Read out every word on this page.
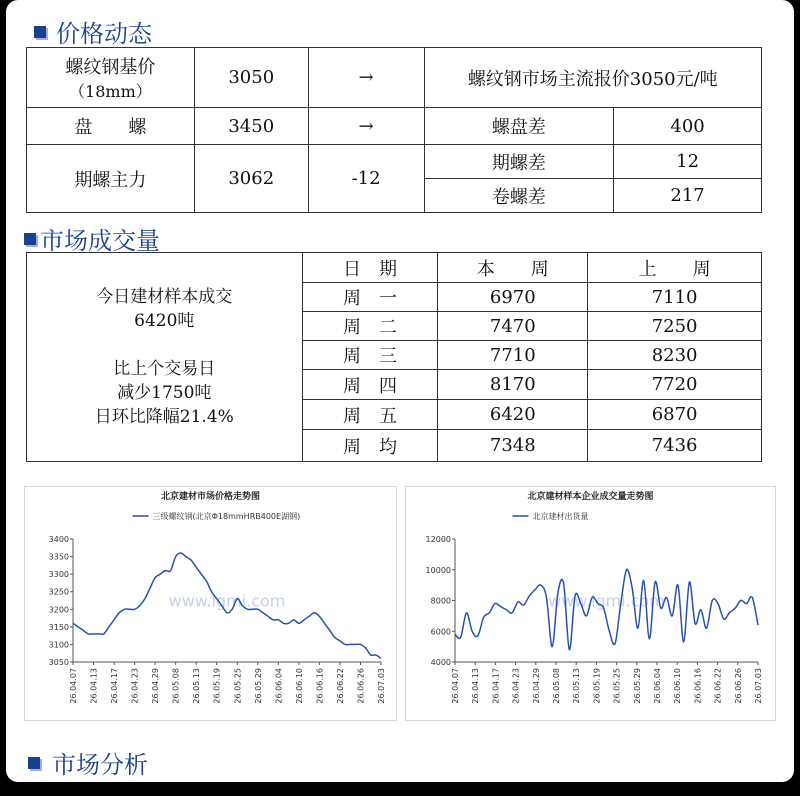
价格动态
螺纹钢基价
（18mm）	3050	→	螺纹钢市场主流报价3050元/吨	
盘　　螺	3450	→	螺盘差	400
期螺主力	3062	-12	期螺差	12
			卷螺差	217
市场成交量
今日建材样本成交
6420吨
比上个交易日
减少1750吨
日环比降幅21.4%	日　期	本　　周	上　　周
	周　一	6970	7110
	周　二	7470	7250
	周　三	7710	8230
	周　四	8170	7720
	周　五	6420	6870
	周　均	7348	7436
北京建材市场价格走势图
三级螺纹钢(北京Φ18mmHRB400E湖钢)
www.lgmi.com
3050
3100
3150
3200
3250
3300
3350
3400
26.04.07 26.04.13 26.04.17 26.04.23 26.04.29 26.05.08 26.05.13 26.05.19 26.05.25 26.05.29 26.06.04 26.06.10 26.06.16 26.06.22 26.06.26 26.07.03
北京建材样本企业成交量走势图
北京建材出货量
www.lgmi.com
4000
6000
8000
10000
12000
26.04.07 26.04.13 26.04.17 26.04.23 26.04.29 26.05.08 26.05.13 26.05.19 26.05.25 26.05.29 26.06.04 26.06.10 26.06.16 26.06.22 26.06.26 26.07.03
市场分析
